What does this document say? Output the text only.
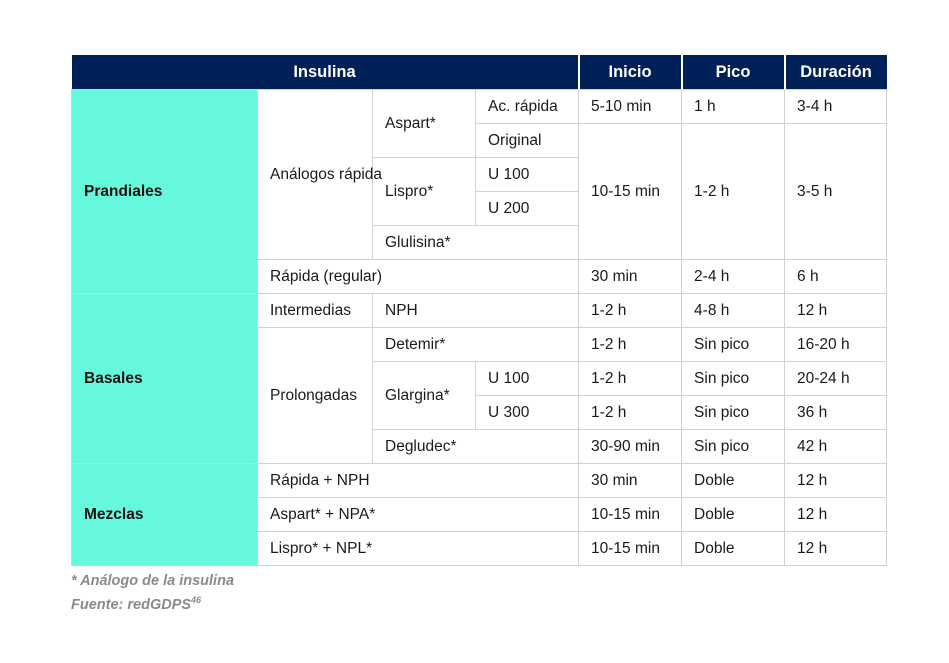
Insulina				Inicio	Pico	Duración
Prandiales	Análogos rápida	Aspart*	Ac. rápida	5-10 min	1 h	3-4 h
			Original	10-15 min	1-2 h	3-5 h
		Lispro*	U 100			
			U 200			
		Glulisina*				
	Rápida (regular)			30 min	2-4 h	6 h
Basales	Intermedias	NPH		1-2 h	4-8 h	12 h
	Prolongadas	Detemir*		1-2 h	Sin pico	16-20 h
		Glargina*	U 100	1-2 h	Sin pico	20-24 h
			U 300	1-2 h	Sin pico	36 h
		Degludec*		30-90 min	Sin pico	42 h
Mezclas	Rápida + NPH			30 min	Doble	12 h
	Aspart* + NPA*			10-15 min	Doble	12 h
	Lispro* + NPL*			10-15 min	Doble	12 h
* Análogo de la insulina
Fuente: redGDPS$^{46}$
